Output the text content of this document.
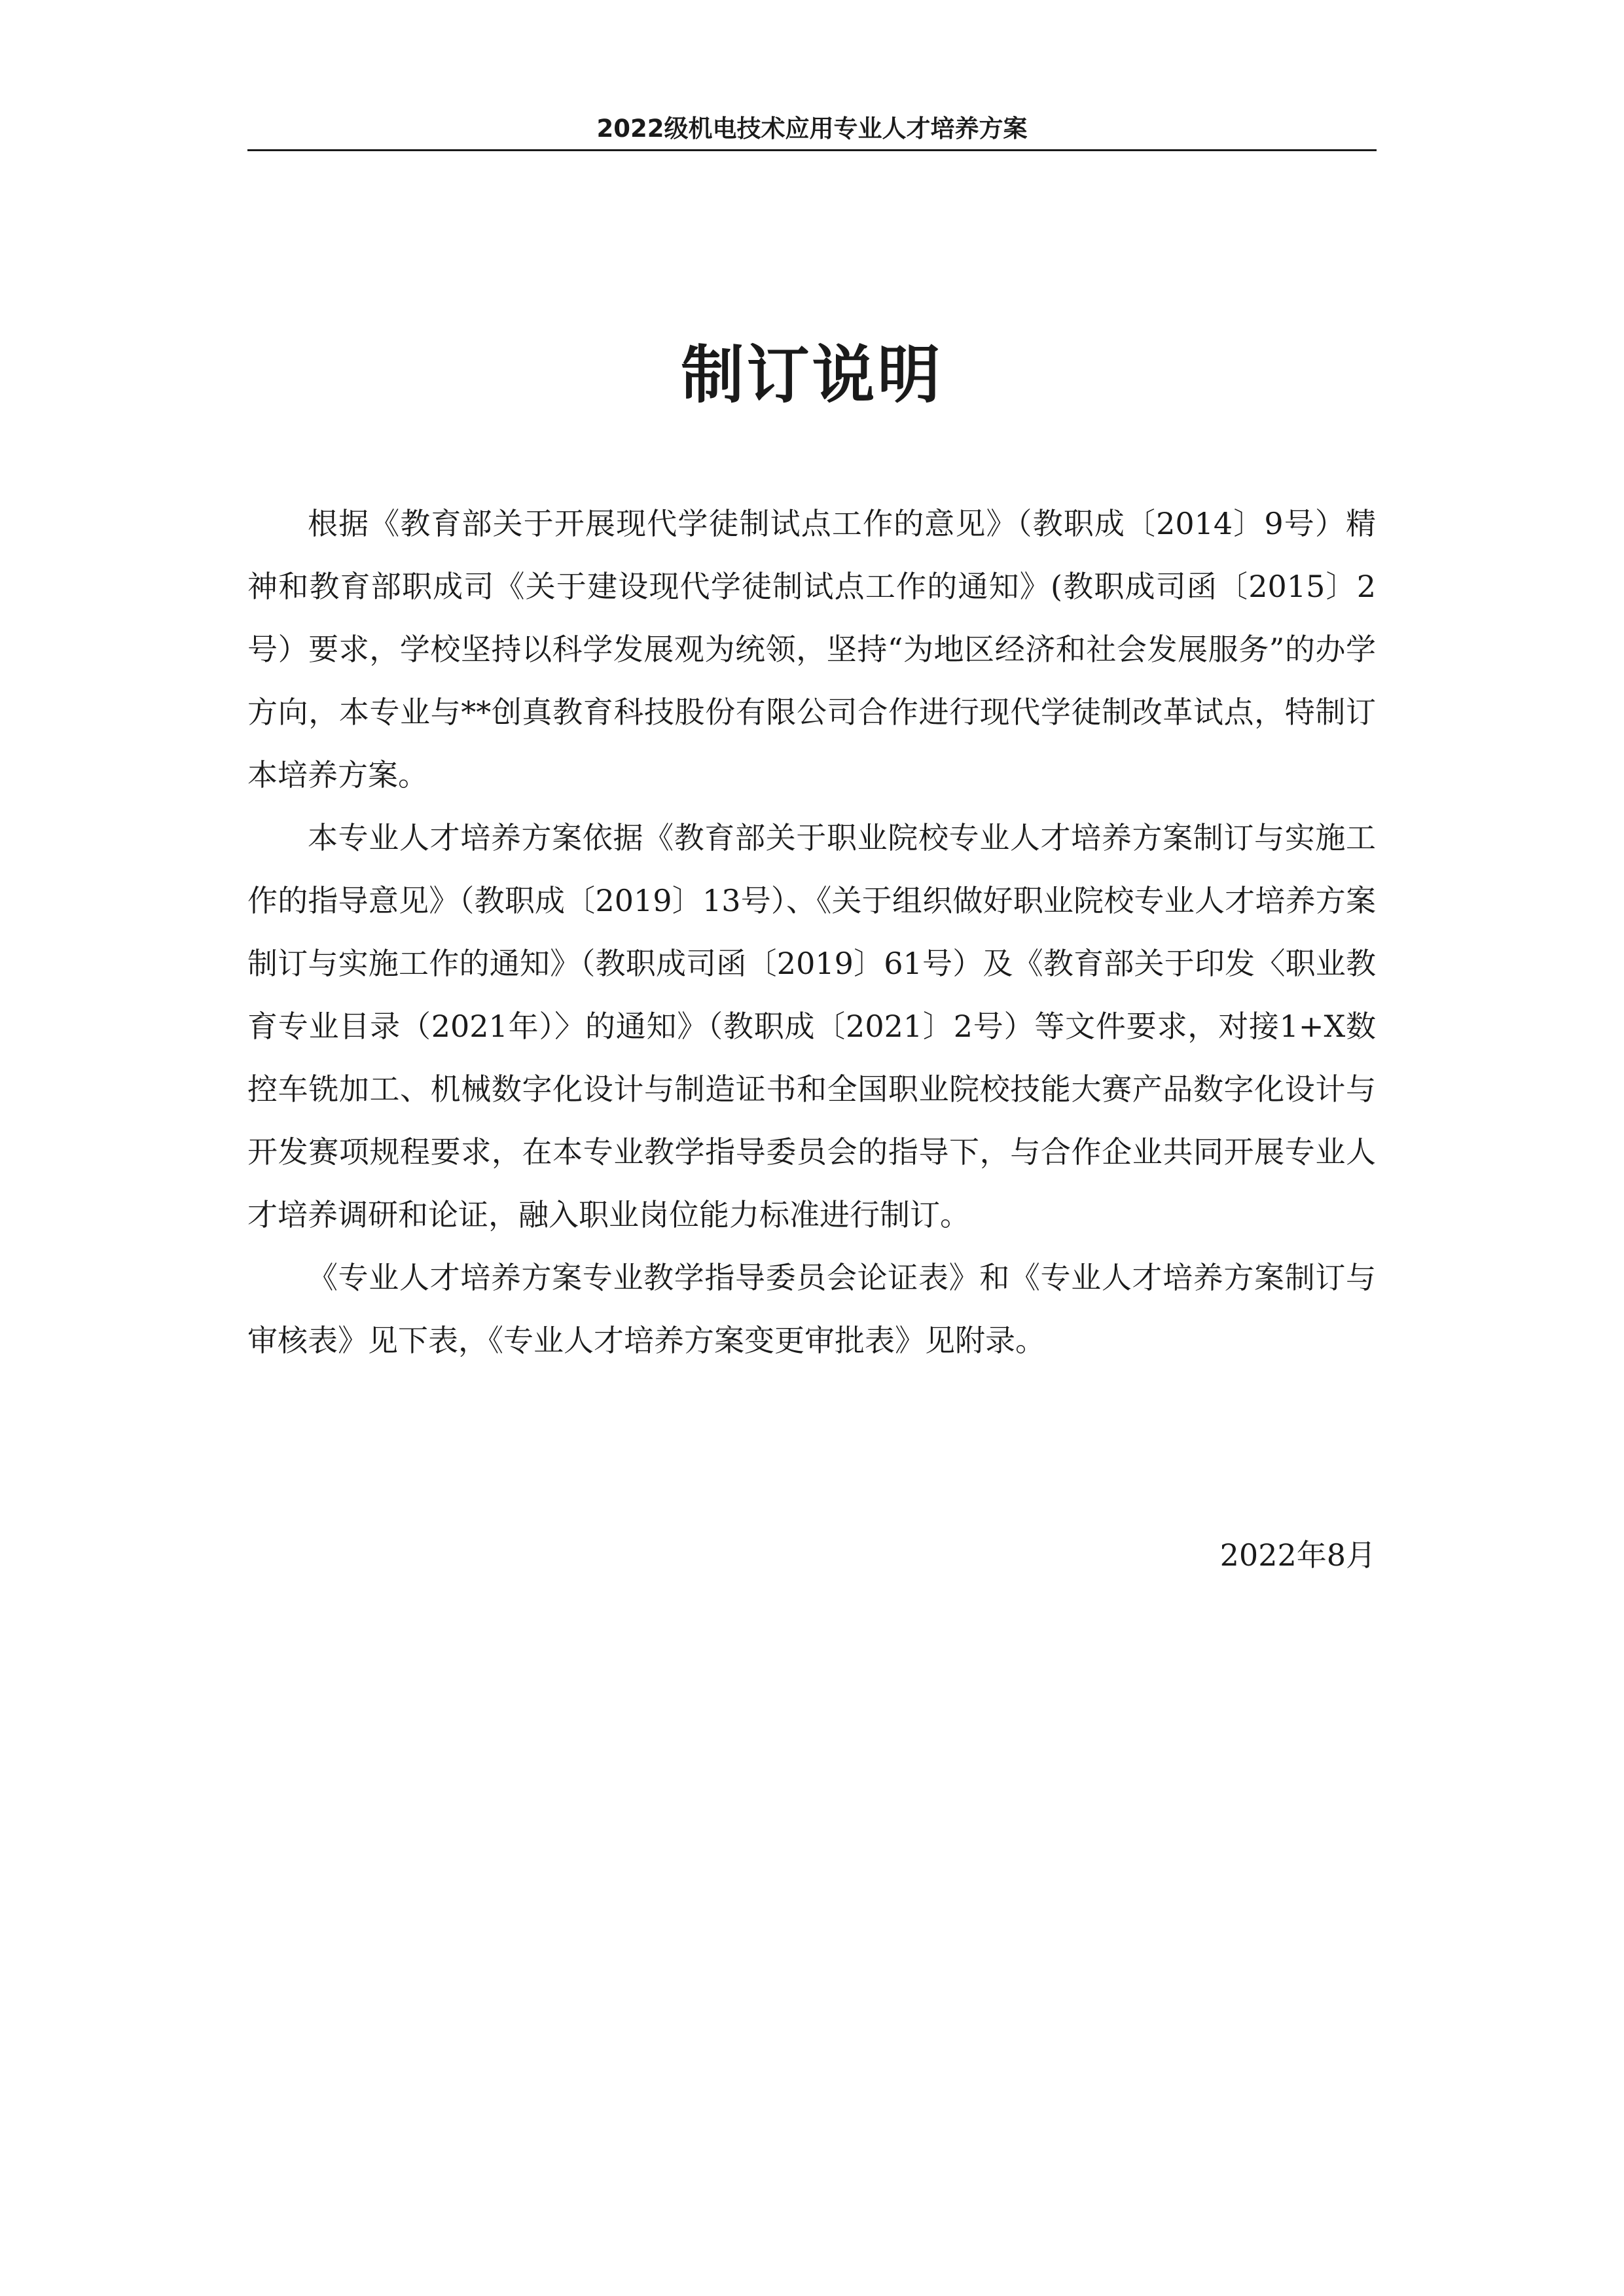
2022级机电技术应用专业人才培养方案
制订说明

根据《教育部关于开展现代学徒制试点工作的意见》（教职成〔2014〕9号）精神和教育部职成司《关于建设现代学徒制试点工作的通知》(教职成司函〔2015〕2号）要求，学校坚持以科学发展观为统领，坚持“为地区经济和社会发展服务”的办学方向，本专业与**创真教育科技股份有限公司合作进行现代学徒制改革试点，特制订本培养方案。

本专业人才培养方案依据《教育部关于职业院校专业人才培养方案制订与实施工作的指导意见》（教职成〔2019〕13号）、《关于组织做好职业院校专业人才培养方案制订与实施工作的通知》（教职成司函〔2019〕61号）及《教育部关于印发〈职业教育专业目录（2021年）〉的通知》（教职成〔2021〕2号）等文件要求，对接1+X数控车铣加工、机械数字化设计与制造证书和全国职业院校技能大赛产品数字化设计与开发赛项规程要求，在本专业教学指导委员会的指导下，与合作企业共同开展专业人才培养调研和论证，融入职业岗位能力标准进行制订。

《专业人才培养方案专业教学指导委员会论证表》和《专业人才培养方案制订与审核表》见下表，《专业人才培养方案变更审批表》见附录。

2022年8月
